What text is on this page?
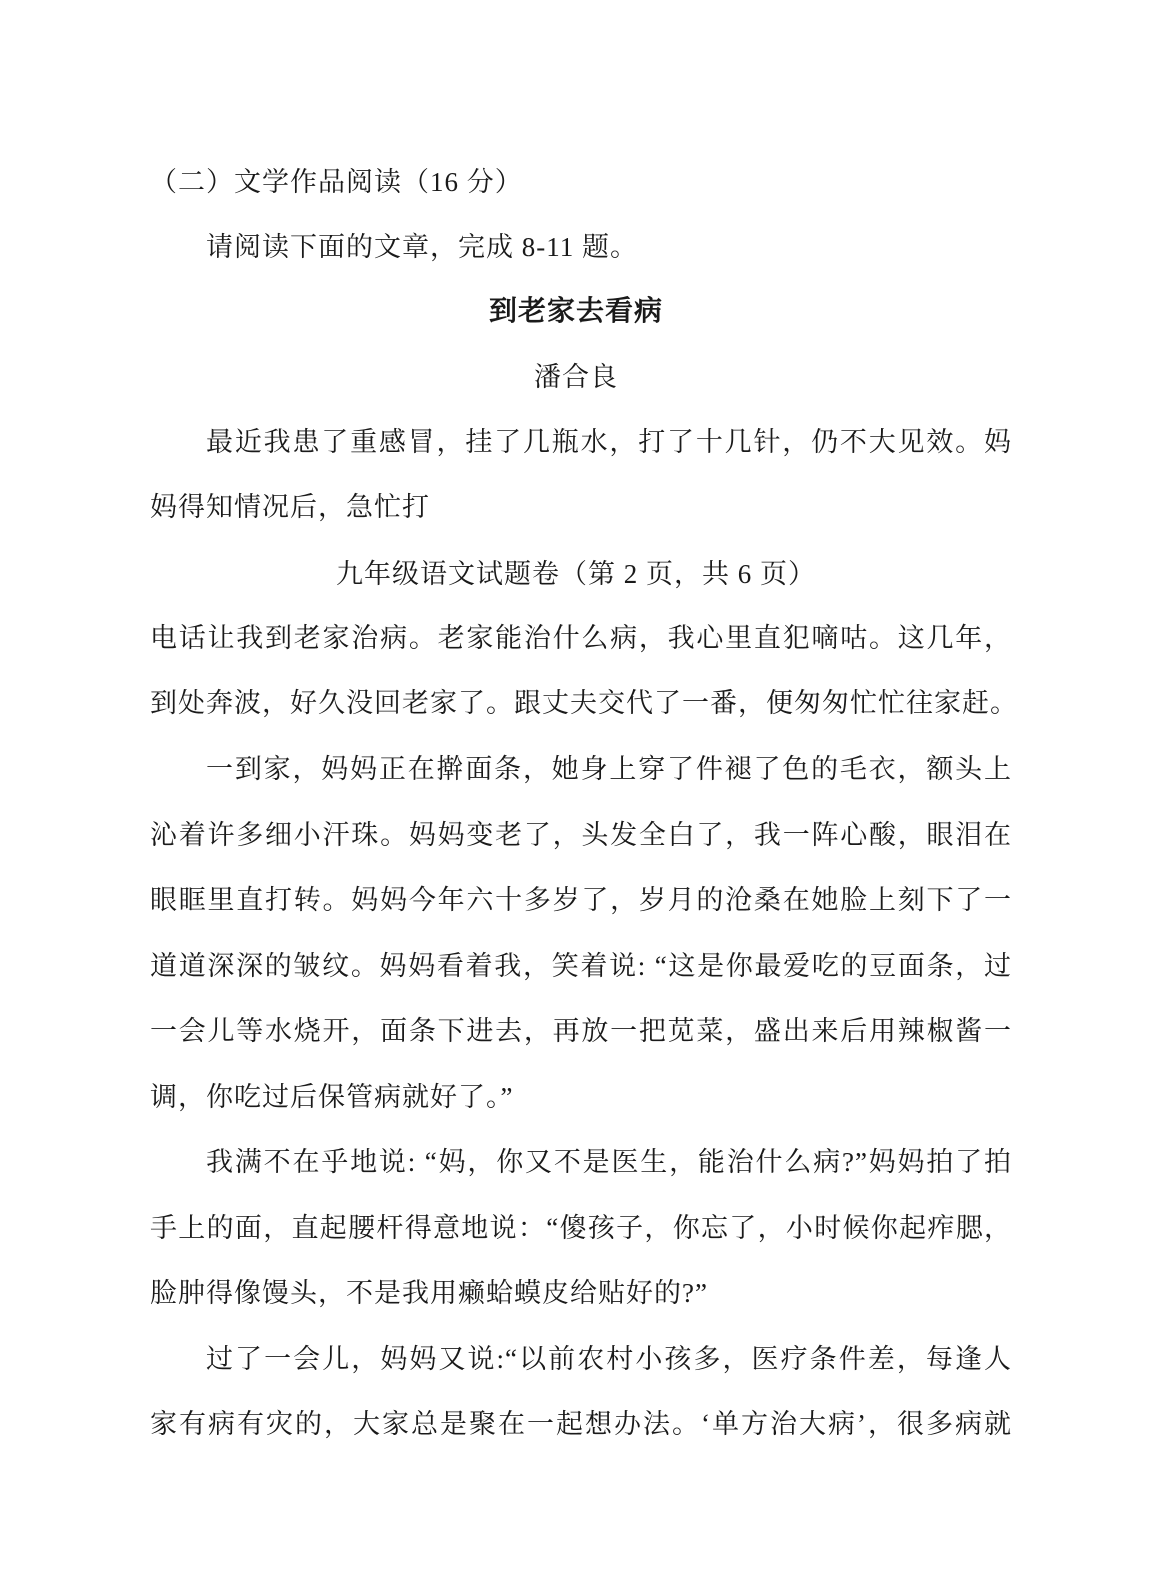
（二）文学作品阅读（16 分）
请阅读下面的文章，完成 8-11 题。
到老家去看病
潘合良
最近我患了重感冒，挂了几瓶水，打了十几针，仍不大见效。妈
妈得知情况后，急忙打
九年级语文试题卷（第 2 页，共 6 页）
电话让我到老家治病。老家能治什么病，我心里直犯嘀咕。这几年，
到处奔波，好久没回老家了。跟丈夫交代了一番，便匆匆忙忙往家赶。
一到家，妈妈正在擀面条，她身上穿了件褪了色的毛衣，额头上
沁着许多细小汗珠。妈妈变老了，头发全白了，我一阵心酸，眼泪在
眼眶里直打转。妈妈今年六十多岁了，岁月的沧桑在她脸上刻下了一
道道深深的皱纹。妈妈看着我，笑着说: “这是你最爱吃的豆面条，过
一会儿等水烧开，面条下进去，再放一把苋菜，盛出来后用辣椒酱一
调，你吃过后保管病就好了。”
我满不在乎地说: “妈，你又不是医生，能治什么病?”妈妈拍了拍
手上的面，直起腰杆得意地说：“傻孩子，你忘了，小时候你起痄腮，
脸肿得像馒头，不是我用癞蛤蟆皮给贴好的?”
过了一会儿，妈妈又说:“以前农村小孩多，医疗条件差，每逢人
家有病有灾的，大家总是聚在一起想办法。‘单方治大病’，很多病就
